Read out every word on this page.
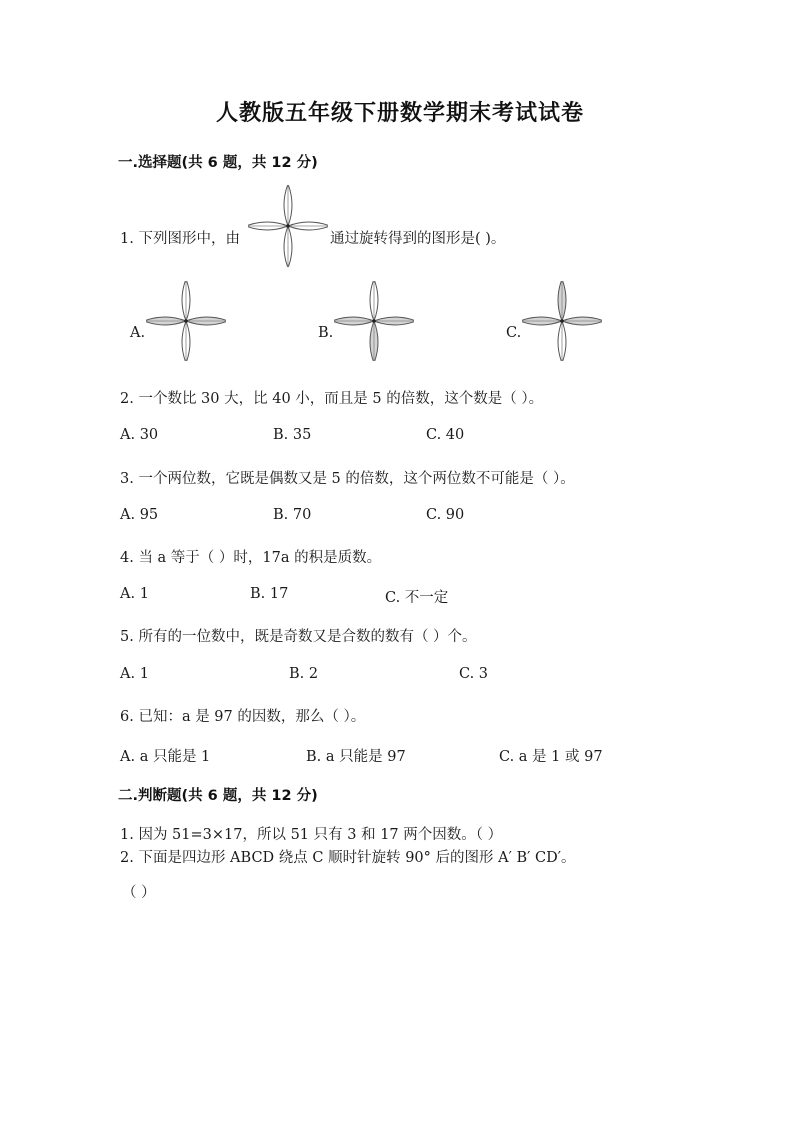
人教版五年级下册数学期末考试试卷
一.选择题(共 6 题，共 12 分)
1. 下列图形中，由	通过旋转得到的图形是( )。
A.	B.	C.
2. 一个数比 30 大，比 40 小，而且是 5 的倍数，这个数是（ ）。
A. 30	B. 35	C. 40
3. 一个两位数，它既是偶数又是 5 的倍数，这个两位数不可能是（ ）。
A. 95	B. 70	C. 90
4. 当 a 等于（ ）时，17a 的积是质数。
A. 1	B. 17	C. 不一定
5. 所有的一位数中，既是奇数又是合数的数有（ ）个。
A. 1	B. 2	C. 3
6. 已知：a 是 97 的因数，那么（ ）。
A. a 只能是 1	B. a 只能是 97	C. a 是 1 或 97
二.判断题(共 6 题，共 12 分)
1. 因为 51=3×17，所以 51 只有 3 和 17 两个因数。（ ）
2. 下面是四边形 ABCD 绕点 C 顺时针旋转 90° 后的图形 A′ B′ CD′。
（ ）
